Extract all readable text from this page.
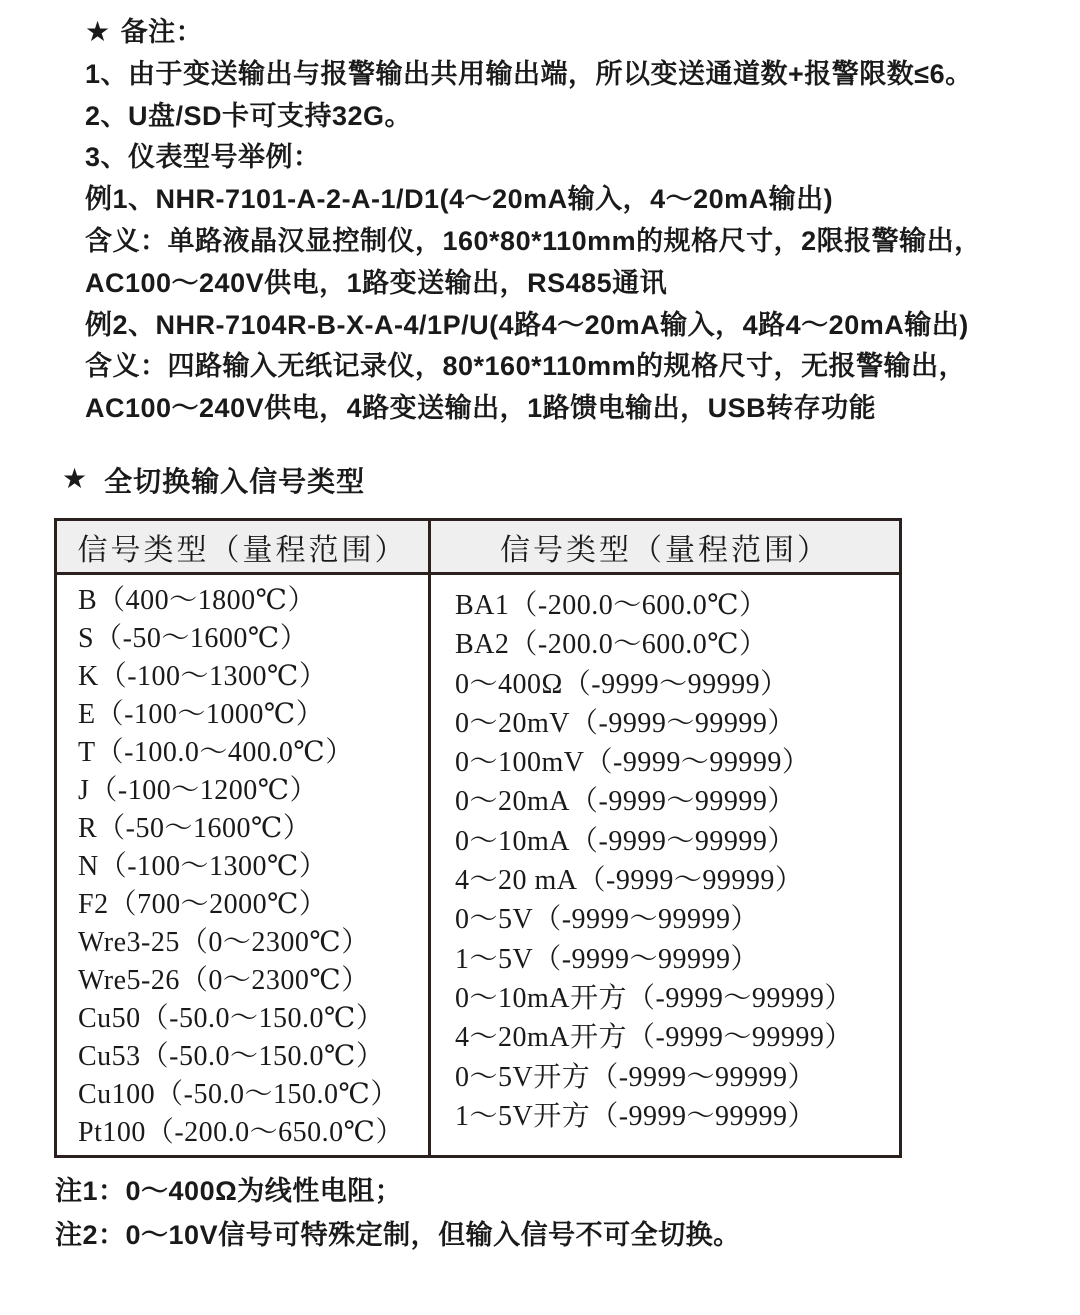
★ 备注：
1、由于变送输出与报警输出共用输出端，所以变送通道数+报警限数≤6。
2、U盘/SD卡可支持32G。
3、仪表型号举例：
例1、NHR-7101-A-2-A-1/D1(4～20mA输入，4～20mA输出)
含义：单路液晶汉显控制仪，160*80*110mm的规格尺寸，2限报警输出，
AC100～240V供电，1路变送输出，RS485通讯
例2、NHR-7104R-B-X-A-4/1P/U(4路4～20mA输入，4路4～20mA输出)
含义：四路输入无纸记录仪，80*160*110mm的规格尺寸，无报警输出，
AC100～240V供电，4路变送输出，1路馈电输出，USB转存功能
★ 全切换输入信号类型
信号类型（量程范围）	信号类型（量程范围）
B（400～1800℃）
S（-50～1600℃）
K（-100～1300℃）
E（-100～1000℃）
T（-100.0～400.0℃）
J（-100～1200℃）
R（-50～1600℃）
N（-100～1300℃）
F2（700～2000℃）
Wre3-25（0～2300℃）
Wre5-26（0～2300℃）
Cu50（-50.0～150.0℃）
Cu53（-50.0～150.0℃）
Cu100（-50.0～150.0℃）
Pt100（-200.0～650.0℃）
BA1（-200.0～600.0℃）
BA2（-200.0～600.0℃）
0～400Ω（-9999～99999）
0～20mV（-9999～99999）
0～100mV（-9999～99999）
0～20mA（-9999～99999）
0～10mA（-9999～99999）
4～20 mA（-9999～99999）
0～5V（-9999～99999）
1～5V（-9999～99999）
0～10mA开方（-9999～99999）
4～20mA开方（-9999～99999）
0～5V开方（-9999～99999）
1～5V开方（-9999～99999）
注1：0～400Ω为线性电阻；
注2：0～10V信号可特殊定制，但输入信号不可全切换。
